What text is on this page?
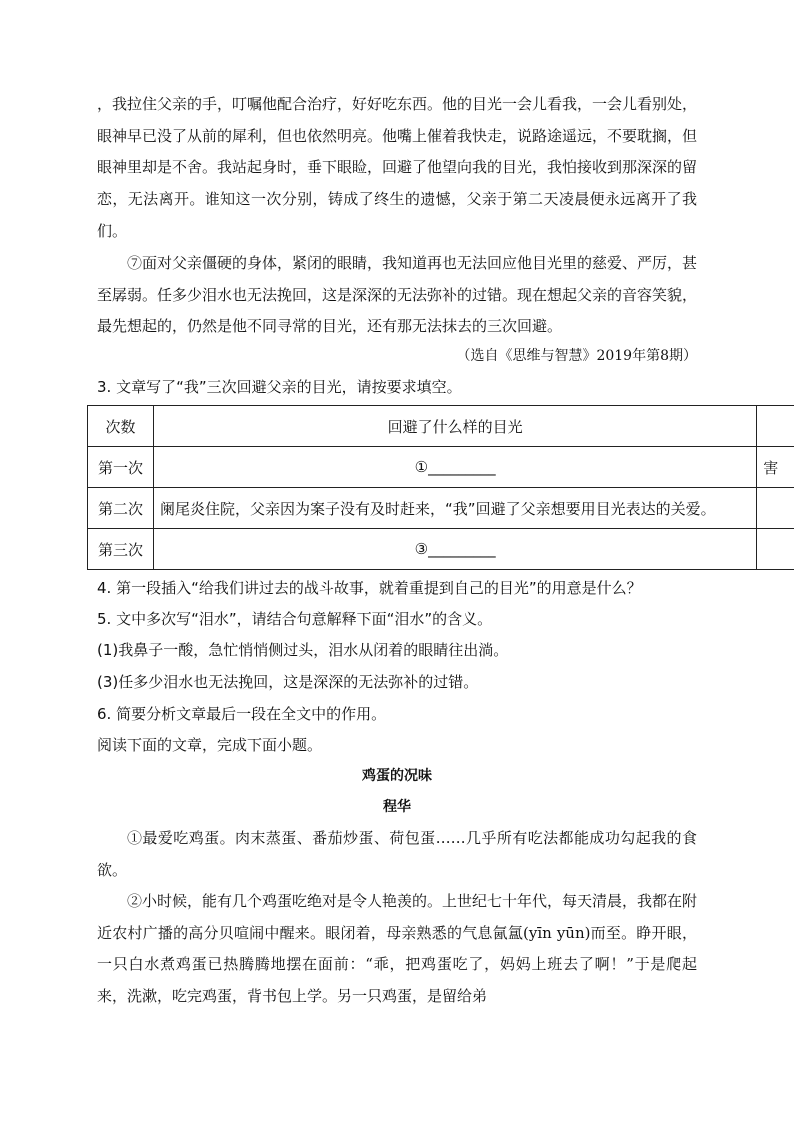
，我拉住父亲的手，叮嘱他配合治疗，好好吃东西。他的目光一会儿看我，一会儿看别处，眼神早已没了从前的犀利，但也依然明亮。他嘴上催着我快走，说路途遥远，不要耽搁，但眼神里却是不舍。我站起身时，垂下眼睑，回避了他望向我的目光，我怕接收到那深深的留恋，无法离开。谁知这一次分别，铸成了终生的遗憾，父亲于第二天凌晨便永远离开了我们。

⑦面对父亲僵硬的身体，紧闭的眼睛，我知道再也无法回应他目光里的慈爱、严厉，甚至孱弱。任多少泪水也无法挽回，这是深深的无法弥补的过错。现在想起父亲的音容笑貌，最先想起的，仍然是他不同寻常的目光，还有那无法抹去的三次回避。

（选自《思维与智慧》2019年第8期）

3. 文章写了“我”三次回避父亲的目光，请按要求填空。

次数	回避了什么样的目光	
第一次	①_________	害
第二次	阑尾炎住院，父亲因为案子没有及时赶来，“我”回避了父亲想要用目光表达的关爱。	
第三次	③_________	

4. 第一段插入“给我们讲过去的战斗故事，就着重提到自己的目光”的用意是什么？

5. 文中多次写“泪水”，请结合句意解释下面“泪水”的含义。

(1)我鼻子一酸，急忙悄悄侧过头，泪水从闭着的眼睛往出淌。

(3)任多少泪水也无法挽回，这是深深的无法弥补的过错。

6. 简要分析文章最后一段在全文中的作用。

阅读下面的文章，完成下面小题。

鸡蛋的况味

程华

①最爱吃鸡蛋。肉末蒸蛋、番茄炒蛋、荷包蛋……几乎所有吃法都能成功勾起我的食欲。

②小时候，能有几个鸡蛋吃绝对是令人艳羡的。上世纪七十年代，每天清晨，我都在附近农村广播的高分贝喧闹中醒来。眼闭着，母亲熟悉的气息氤氲(yīn yūn)而至。睁开眼，一只白水煮鸡蛋已热腾腾地摆在面前：“乖，把鸡蛋吃了，妈妈上班去了啊！”于是爬起来，洗漱，吃完鸡蛋，背书包上学。另一只鸡蛋，是留给弟
